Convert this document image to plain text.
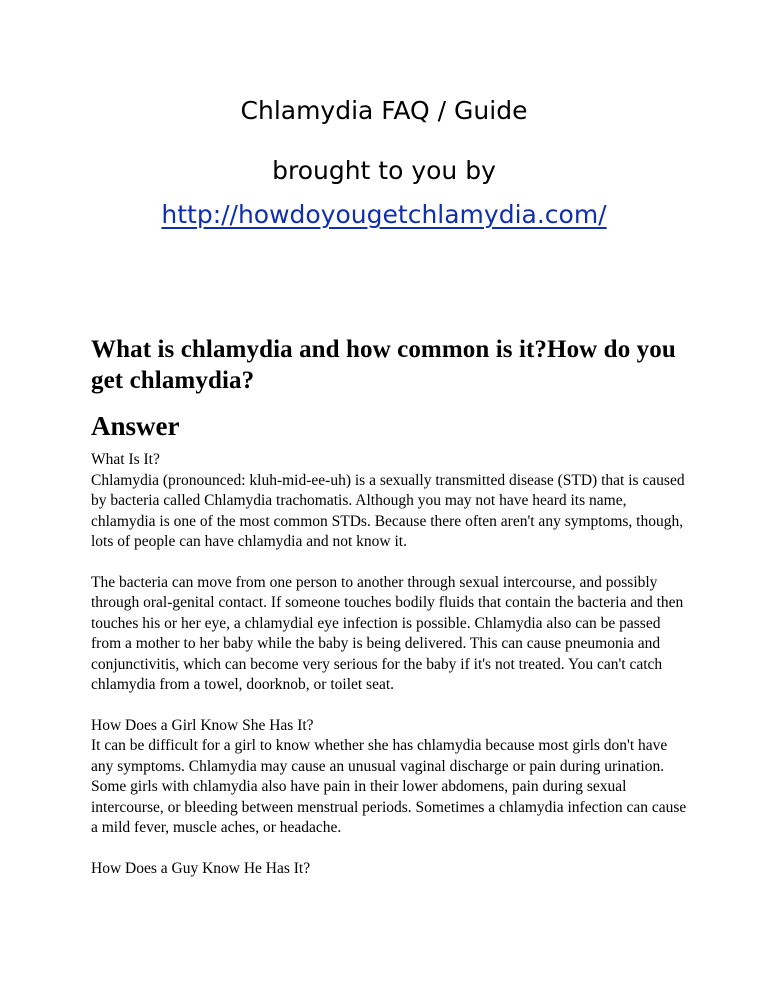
Chlamydia FAQ / Guide
brought to you by
http://howdoyougetchlamydia.com/
What is chlamydia and how common is it?How do you get chlamydia?
Answer
What Is It?

Chlamydia (pronounced: kluh-mid-ee-uh) is a sexually transmitted disease (STD) that is caused by bacteria called Chlamydia trachomatis. Although you may not have heard its name, chlamydia is one of the most common STDs. Because there often aren't any symptoms, though, lots of people can have chlamydia and not know it.

The bacteria can move from one person to another through sexual intercourse, and possibly through oral-genital contact. If someone touches bodily fluids that contain the bacteria and then touches his or her eye, a chlamydial eye infection is possible. Chlamydia also can be passed from a mother to her baby while the baby is being delivered. This can cause pneumonia and conjunctivitis, which can become very serious for the baby if it's not treated. You can't catch chlamydia from a towel, doorknob, or toilet seat.

How Does a Girl Know She Has It?

It can be difficult for a girl to know whether she has chlamydia because most girls don't have any symptoms. Chlamydia may cause an unusual vaginal discharge or pain during urination. Some girls with chlamydia also have pain in their lower abdomens, pain during sexual intercourse, or bleeding between menstrual periods. Sometimes a chlamydia infection can cause a mild fever, muscle aches, or headache.

How Does a Guy Know He Has It?
